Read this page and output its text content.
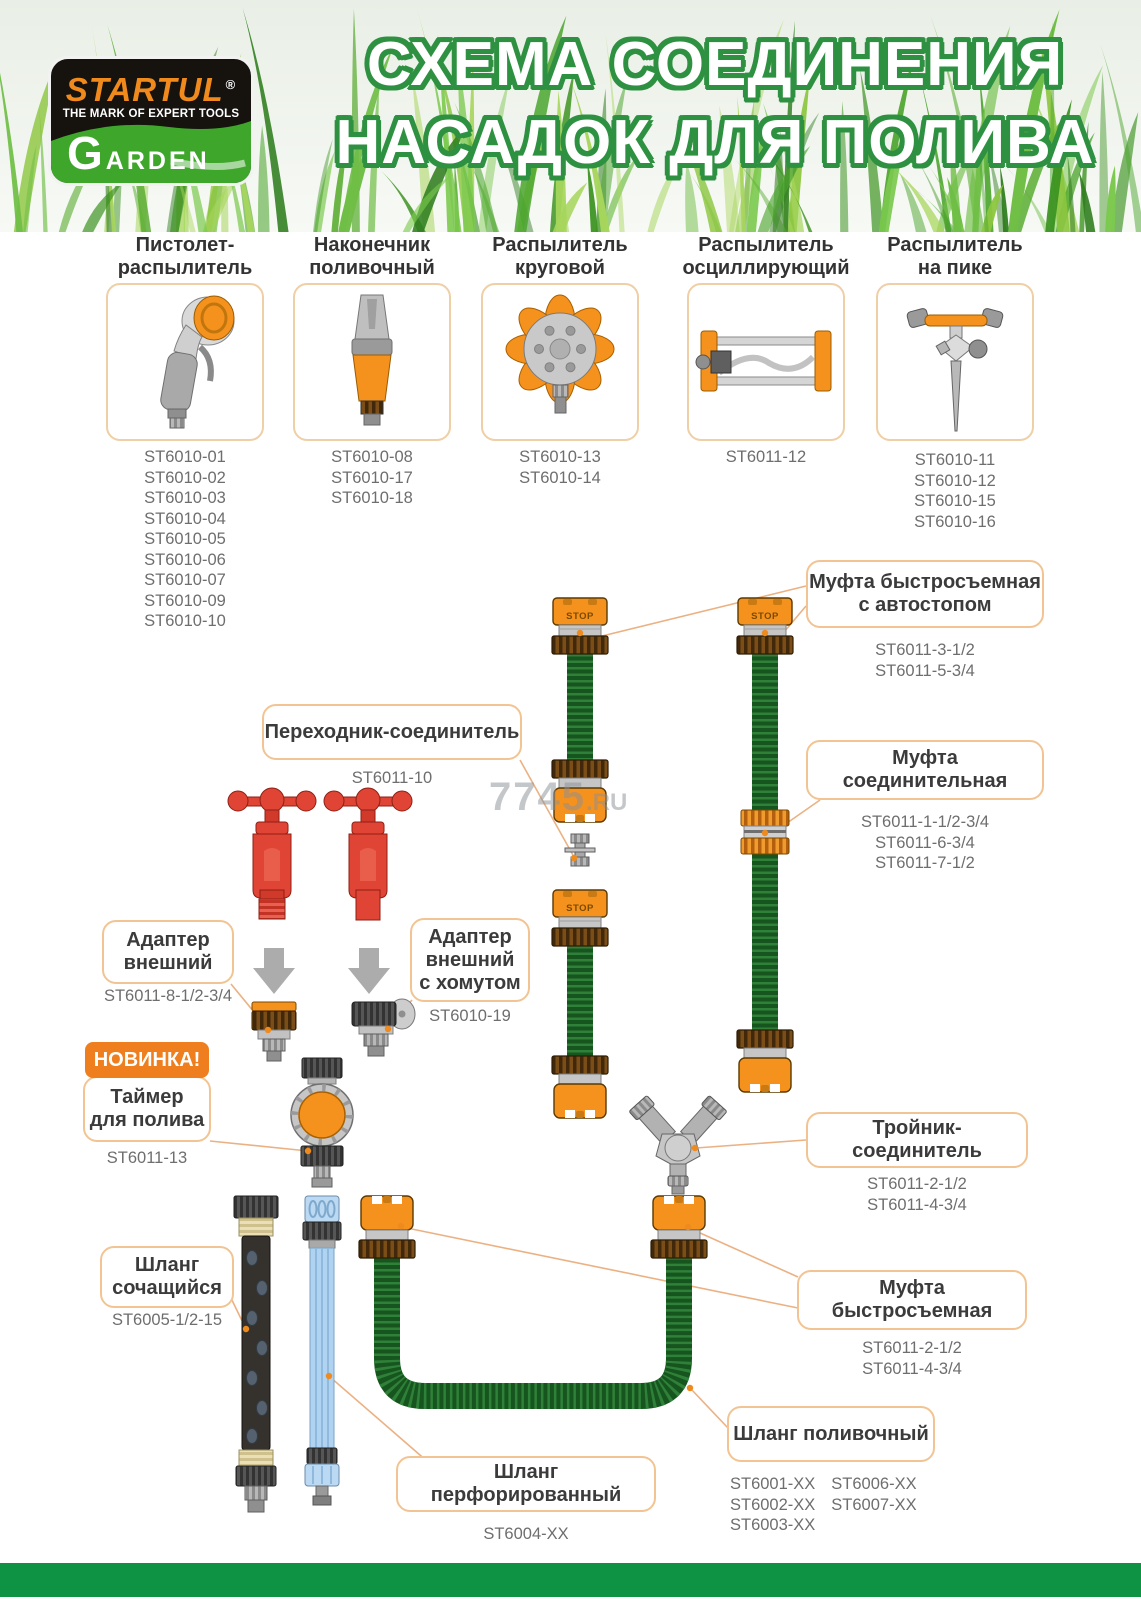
СХЕМА СОЕДИНЕНИЯ
НАСАДОК ДЛЯ ПОЛИВА
STARTUL ®
THE MARK OF EXPERT TOOLS
G ARDEN
Пистолет-
распылитель
Наконечник
поливочный
Распылитель
круговой
Распылитель
осциллирующий
Распылитель
на пике
ST6010-01
ST6010-02
ST6010-03
ST6010-04
ST6010-05
ST6010-06
ST6010-07
ST6010-09
ST6010-10
ST6010-08
ST6010-17
ST6010-18
ST6010-13
ST6010-14
ST6011-12	ST6010-11
ST6010-12
ST6010-15
ST6010-16
STOP	STOP
STOP
7745 .RU
Муфта быстросъемная
с автостопом
ST6011-3-1/2
ST6011-5-3/4
Переходник-соединитель
ST6011-10
Муфта соединительная
ST6011-1-1/2-3/4
ST6011-6-3/4
ST6011-7-1/2
Адаптер
внешний
ST6011-8-1/2-3/4
Адаптер
внешний
с хомутом
ST6010-19
НОВИНКА!
Таймер
для полива
ST6011-13
Тройник-соединитель
ST6011-2-1/2
ST6011-4-3/4
Муфта быстросъемная
ST6011-2-1/2
ST6011-4-3/4
Шланг
сочащийся
ST6005-1/2-15
Шланг перфорированный
ST6004-XX
Шланг поливочный
ST6001-XX
ST6002-XX
ST6003-XX
ST6006-XX
ST6007-XX
